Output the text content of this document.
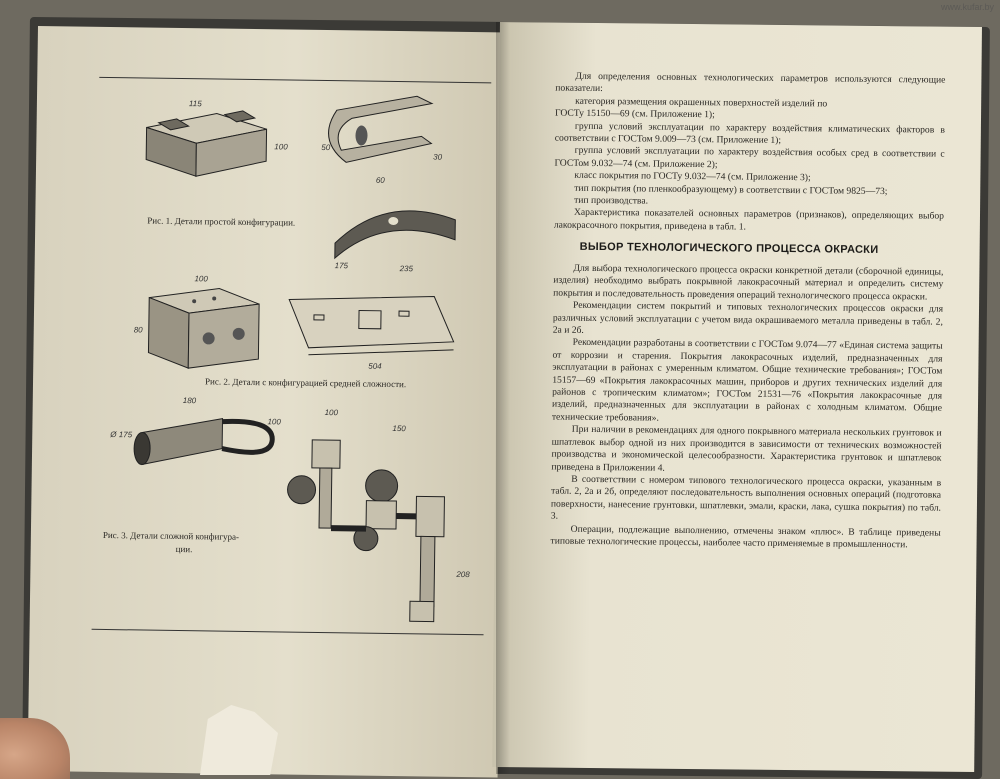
115
100	50
60
30
Рис. 1. Детали простой конфигурации.
175	235
100
80
504
Рис. 2. Детали с конфигурацией средней сложности.
180
Ø 175
100
Рис. 3. Детали сложной конфигура-
ции.
100
150
208

Для определения основных технологических параметров используются следующие показатели:

категория размещения окрашенных поверхностей изделий по

ГОСТу 15150—69 (см. Приложение 1);

группа условий эксплуатации по характеру воздействия климатических факторов в соответствии с ГОСТом 9.009—73 (см. Приложение 1);

группа условий эксплуатации по характеру воздействия особых сред в соответствии с ГОСТом 9.032—74 (см. Приложение 2);

класс покрытия по ГОСТу 9.032—74 (см. Приложение 3);

тип покрытия (по пленкообразующему) в соответствии с ГОСТом 9825—73;

тип производства.

Характеристика показателей основных параметров (признаков), определяющих выбор лакокрасочного покрытия, приведена в табл. 1.

ВЫБОР ТЕХНОЛОГИЧЕСКОГО ПРОЦЕССА ОКРАСКИ

Для выбора технологического процесса окраски конкретной детали (сборочной единицы, изделия) необходимо выбрать покрывной лакокрасочный материал и определить систему покрытия и последовательность проведения операций технологического процесса окраски.

Рекомендации систем покрытий и типовых технологических процессов окраски для различных условий эксплуатации с учетом вида окрашиваемого металла приведены в табл. 2, 2а и 2б.

Рекомендации разработаны в соответствии с ГОСТом 9.074—77 «Единая система защиты от коррозии и старения. Покрытия лакокрасочных изделий, предназначенных для эксплуатации в районах с умеренным климатом. Общие технические требования»; ГОСТом 15157—69 «Покрытия лакокрасочных машин, приборов и других технических изделий для районов с тропическим климатом»; ГОСТом 21531—76 «Покрытия лакокрасочные для изделий, предназначенных для эксплуатации в районах с холодным климатом. Общие технические требования».

При наличии в рекомендациях для одного покрывного материала нескольких грунтовок и шпатлевок выбор одной из них производится в зависимости от технических возможностей производства и экономической целесообразности. Характеристика грунтовок и шпатлевок приведена в Приложении 4.

В соответствии с номером типового технологического процесса окраски, указанным в табл. 2, 2а и 2б, определяют последовательность выполнения основных операций (подготовка поверхности, нанесение грунтовки, шпатлевки, эмали, краски, лака, сушка покрытия) по табл. 3.

Операции, подлежащие выполнению, отмечены знаком «плюс». В таблице приведены типовые технологические процессы, наиболее часто применяемые в промышленности.

www.kufar.by
